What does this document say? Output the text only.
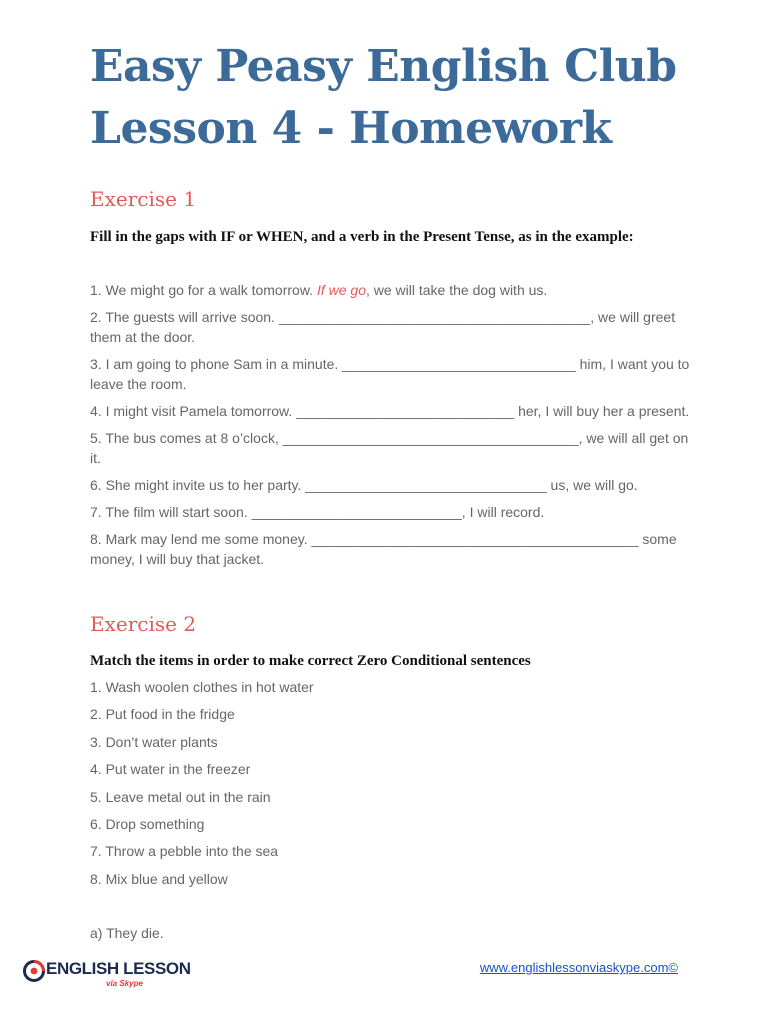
Easy Peasy English Club
Lesson 4 - Homework
Exercise 1
Fill in the gaps with IF or WHEN, and a verb in the Present Tense, as in the example:
1. We might go for a walk tomorrow. If we go, we will take the dog with us.
2. The guests will arrive soon. ________________________________________, we will greet them at the door.
3. I am going to phone Sam in a minute. ______________________________ him, I want you to leave the room.
4. I might visit Pamela tomorrow. ____________________________ her, I will buy her a present.
5. The bus comes at 8 o’clock, ______________________________________, we will all get on it.
6. She might invite us to her party. _______________________________ us, we will go.
7. The film will start soon. ___________________________, I will record.
8. Mark may lend me some money. __________________________________________ some money, I will buy that jacket.
Exercise 2
Match the items in order to make correct Zero Conditional sentences
1. Wash woolen clothes in hot water
2. Put food in the fridge
3. Don’t water plants
4. Put water in the freezer
5. Leave metal out in the rain
6. Drop something
7. Throw a pebble into the sea
8. Mix blue and yellow
a) They die.
ENGLISH LESSON
via Skype
www.englishlessonviaskype.com©
